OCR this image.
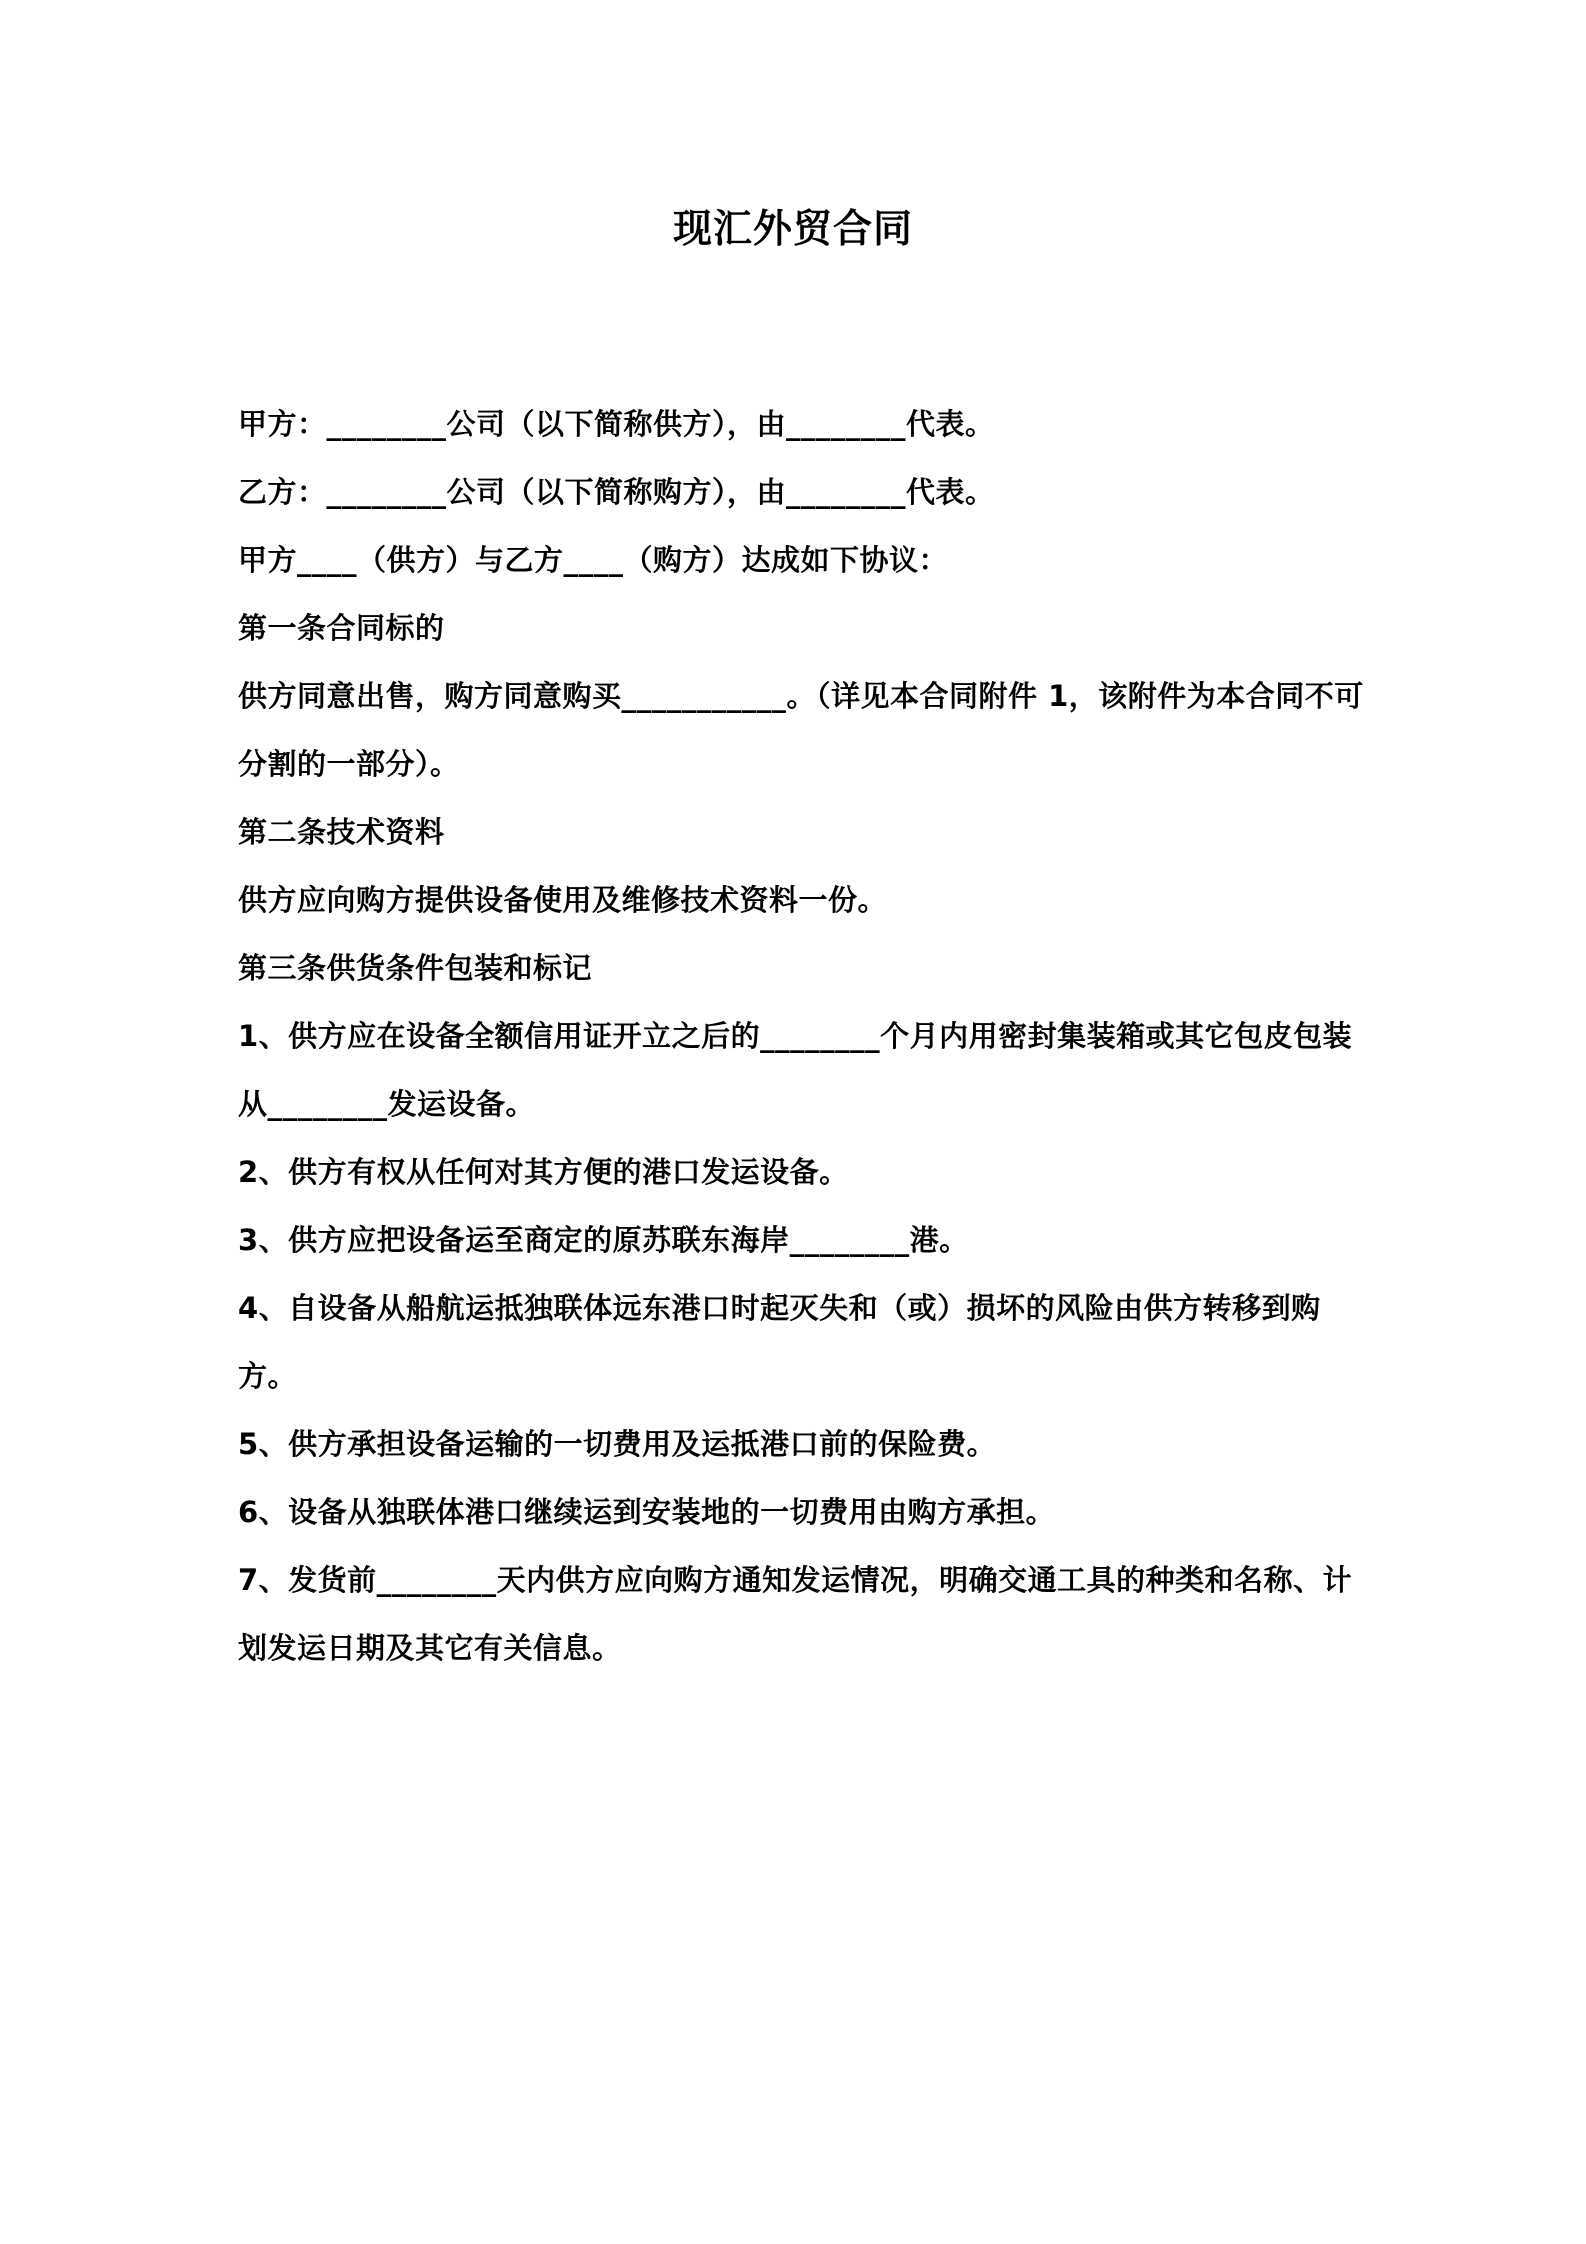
现汇外贸合同
甲方：________公司（以下简称供方），由________代表。
乙方：________公司（以下简称购方），由________代表。
甲方____（供方）与乙方____（购方）达成如下协议：
第一条合同标的
供方同意出售，购方同意购买___________。（详见本合同附件 1，该附件为本合同不可分割的一部分）。
第二条技术资料
供方应向购方提供设备使用及维修技术资料一份。
第三条供货条件包装和标记
1、供方应在设备全额信用证开立之后的________个月内用密封集装箱或其它包皮包装从________发运设备。
2、供方有权从任何对其方便的港口发运设备。
3、供方应把设备运至商定的原苏联东海岸________港。
4、自设备从船航运抵独联体远东港口时起灭失和（或）损坏的风险由供方转移到购方。
5、供方承担设备运输的一切费用及运抵港口前的保险费。
6、设备从独联体港口继续运到安装地的一切费用由购方承担。
7、发货前________天内供方应向购方通知发运情况，明确交通工具的种类和名称、计划发运日期及其它有关信息。
